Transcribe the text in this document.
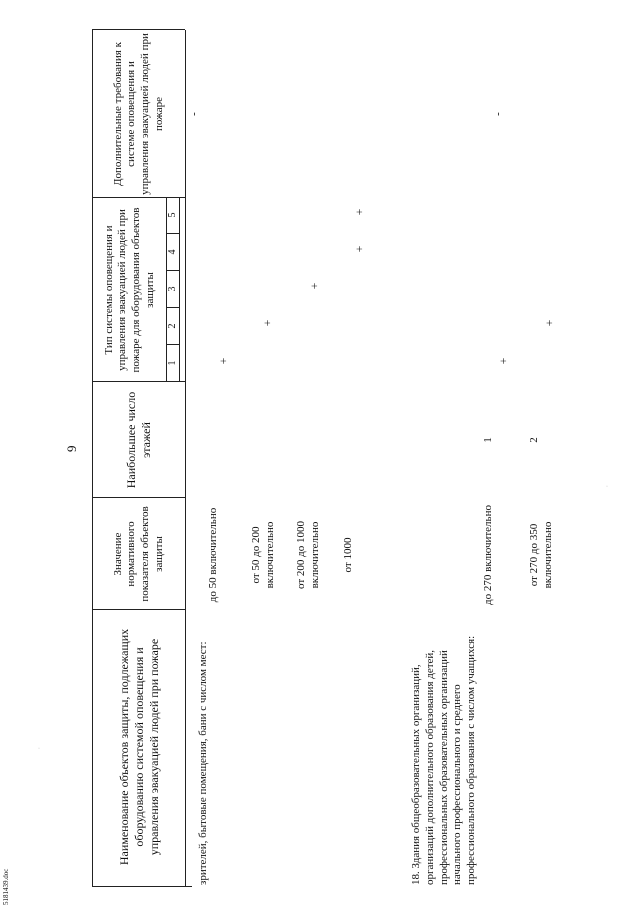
9
5181439.doc
·
·
Наименование объектов защиты, подлежащих оборудованию системой оповещения и управления эвакуацией людей при пожаре
Значение нормативного показателя объектов защиты
Наибольшее число этажей
Тип системы оповещения и управления эвакуацией людей при пожаре для оборудования объектов защиты
Дополнительные требования к системе оповещения и управления эвакуацией людей при пожаре
1
2
3
4
5
зрителей, бытовые помещения, бани с числом мест:
до 50 включительно
+
-
от 50 до 200 включительно
+
от 200 до 1000 включительно
+
от 1000
+
+
18. Здания общеобразовательных организаций, организаций дополнительного образования детей, профессиональных образовательных организаций начального профессионального и среднего профессионального образования с числом учащихся:
до 270 включительно
1
+
-
от 270 до 350 включительно
2
+
